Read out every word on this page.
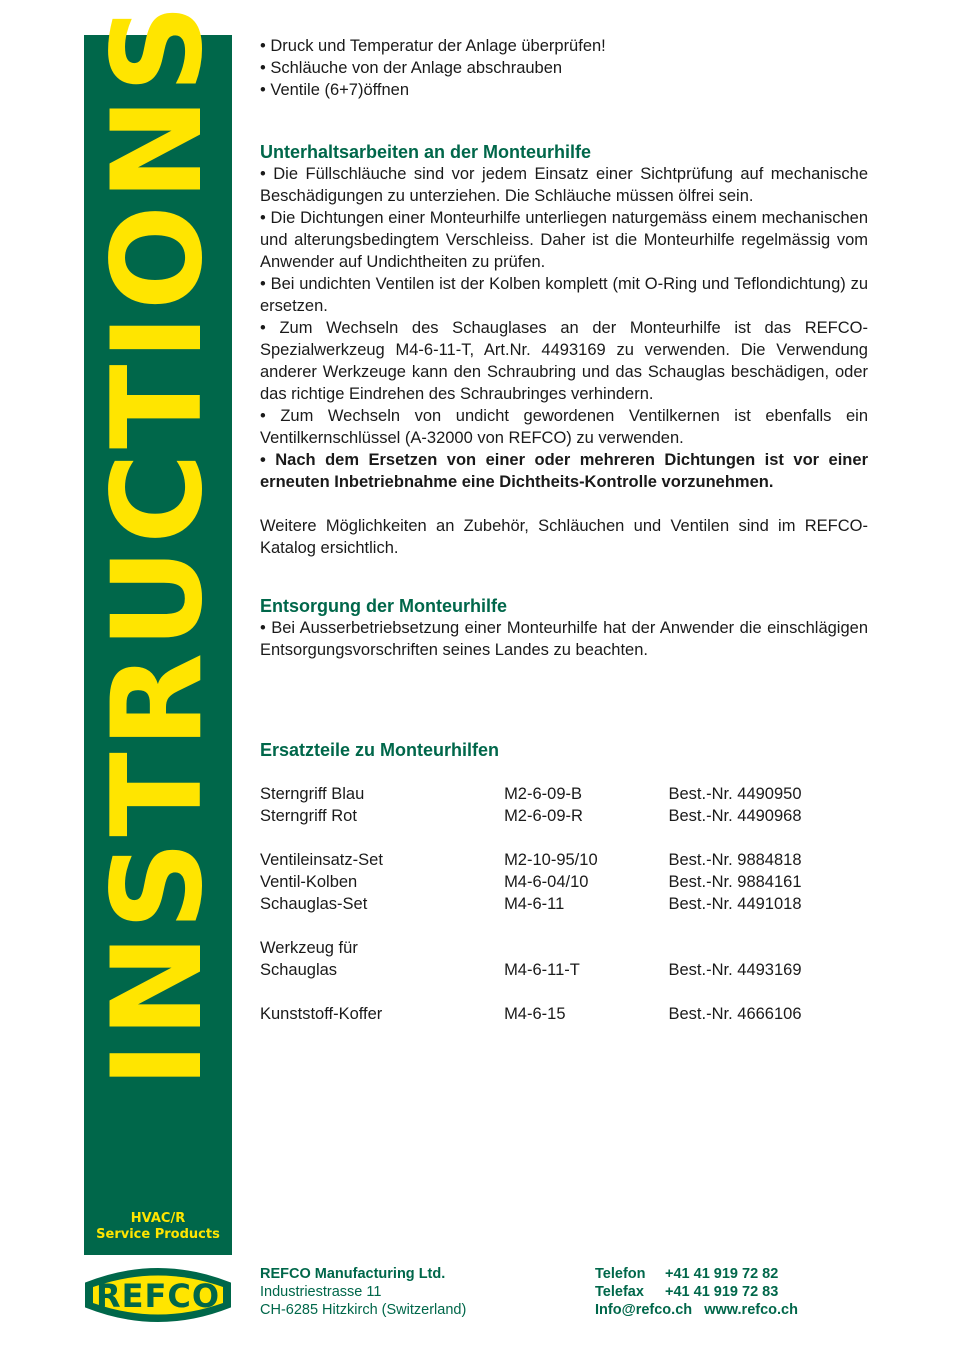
INSTRUCTIONS
HVAC/R
Service Products
REFCO

• Druck und Temperatur der Anlage überprüfen!

• Schläuche von der Anlage abschrauben

• Ventile (6+7)öffnen

Unterhaltsarbeiten an der Monteurhilfe

• Die Füllschläuche sind vor jedem Einsatz einer Sichtprüfung auf mechanische Beschädigungen zu unterziehen. Die Schläuche müssen ölfrei sein.

• Die Dichtungen einer Monteurhilfe unterliegen naturgemäss einem mechanischen und alterungsbedingtem Verschleiss. Daher ist die Monteurhilfe regelmässig vom Anwender auf Undichtheiten zu prüfen.

• Bei undichten Ventilen ist der Kolben komplett (mit O-Ring und Teflondichtung) zu ersetzen.

• Zum Wechseln des Schauglases an der Monteurhilfe ist das REFCO-Spezialwerkzeug M4-6-11-T, Art.Nr. 4493169 zu verwenden. Die Verwendung anderer Werkzeuge kann den Schraubring und das Schauglas beschädigen, oder das richtige Eindrehen des Schraubringes verhindern.

• Zum Wechseln von undicht gewordenen Ventilkernen ist ebenfalls ein Ventilkernschlüssel (A-32000 von REFCO) zu verwenden.

• Nach dem Ersetzen von einer oder mehreren Dichtungen ist vor einer erneuten Inbetriebnahme eine Dichtheits-Kontrolle vorzunehmen.

Weitere Möglichkeiten an Zubehör, Schläuchen und Ventilen sind im REFCO-Katalog ersichtlich.

Entsorgung der Monteurhilfe

• Bei Ausserbetriebsetzung einer Monteurhilfe hat der Anwender die einschlägigen Entsorgungsvorschriften seines Landes zu beachten.

Ersatzteile zu Monteurhilfen
Sterngriff Blau	M2-6-09-B	Best.-Nr. 4490950
Sterngriff Rot	M2-6-09-R	Best.-Nr. 4490968

Ventileinsatz-Set	M2-10-95/10	Best.-Nr. 9884818
Ventil-Kolben	M4-6-04/10	Best.-Nr. 9884161
Schauglas-Set	M4-6-11	Best.-Nr. 4491018

Werkzeug für		
Schauglas	M4-6-11-T	Best.-Nr. 4493169

Kunststoff-Koffer	M4-6-15	Best.-Nr. 4666106
REFCO Manufacturing Ltd.
Industriestrasse 11
CH-6285 Hitzkirch (Switzerland)
Telefon +41 41 919 72 82
Telefax +41 41 919 72 83
Info@refco.ch www.refco.ch
